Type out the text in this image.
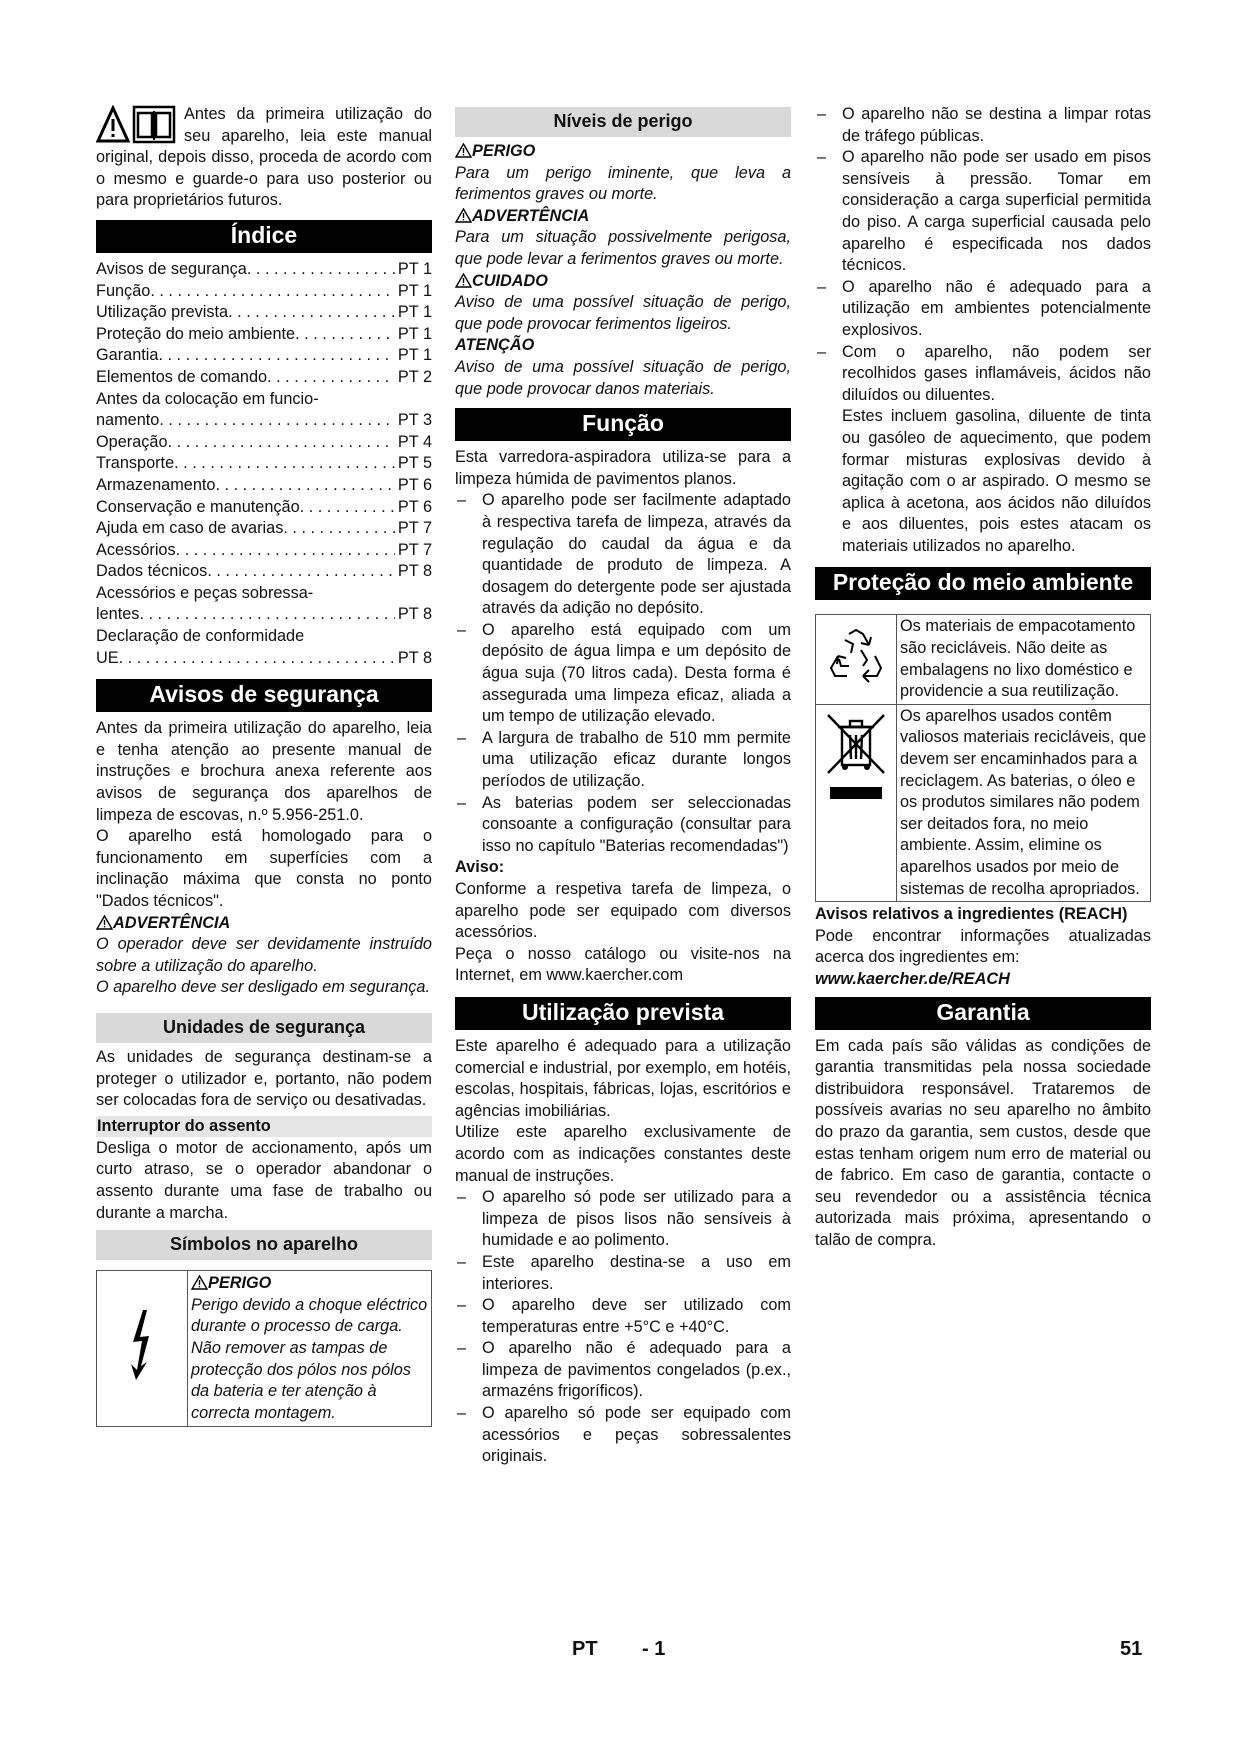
Antes da primeira utilização do seu aparelho, leia este manual original, depois disso, proceda de acordo com o mesmo e guarde-o para uso posterior ou para proprietários futuros.

Índice
Avisos de segurança . . .	PT 1
Função . . .	PT 1
Utilização prevista . . .	PT 1
Proteção do meio ambiente . . .	PT 1
Garantia . . .	PT 1
Elementos de comando . . .	PT 2
Antes da colocação em funcio-
namento . . .	PT 3
Operação . . .	PT 4
Transporte . . .	PT 5
Armazenamento . . .	PT 6
Conservação e manutenção . . .	PT 6
Ajuda em caso de avarias . . .	PT 7
Acessórios . . .	PT 7
Dados técnicos . . .	PT 8
Acessórios e peças sobressa-
lentes . . .	PT 8
Declaração de conformidade
UE . . .	PT 8
Avisos de segurança

Antes da primeira utilização do aparelho, leia e tenha atenção ao presente manual de instruções e brochura anexa referente aos avisos de segurança dos aparelhos de limpeza de escovas, n.º 5.956-251.0.

O aparelho está homologado para o funcionamento em superfícies com a inclinação máxima que consta no ponto "Dados técnicos".

ADVERTÊNCIA

O operador deve ser devidamente instruído sobre a utilização do aparelho.

O aparelho deve ser desligado em segurança.

Unidades de segurança

As unidades de segurança destinam-se a proteger o utilizador e, portanto, não podem ser colocadas fora de serviço ou desativadas.

Interruptor do assento

Desliga o motor de accionamento, após um curto atraso, se o operador abandonar o assento durante uma fase de trabalho ou durante a marcha.

Símbolos no aparelho

PERIGO
Perigo devido a choque eléctrico durante o processo de carga. Não remover as tampas de protecção dos pólos nos pólos da bateria e ter atenção à correcta montagem.
Níveis de perigo

PERIGO

Para um perigo iminente, que leva a ferimentos graves ou morte.

ADVERTÊNCIA

Para um situação possivelmente perigosa, que pode levar a ferimentos graves ou morte.

CUIDADO

Aviso de uma possível situação de perigo, que pode provocar ferimentos ligeiros.

ATENÇÃO

Aviso de uma possível situação de perigo, que pode provocar danos materiais.

Função

Esta varredora-aspiradora utiliza-se para a limpeza húmida de pavimentos planos.

– O aparelho pode ser facilmente adaptado à respectiva tarefa de limpeza, através da regulação do caudal da água e da quantidade de produto de limpeza. A dosagem do detergente pode ser ajustada através da adição no depósito.
– O aparelho está equipado com um depósito de água limpa e um depósito de água suja (70 litros cada). Desta forma é assegurada uma limpeza eficaz, aliada a um tempo de utilização elevado.
– A largura de trabalho de 510 mm permite uma utilização eficaz durante longos períodos de utilização.
– As baterias podem ser seleccionadas consoante a configuração (consultar para isso no capítulo "Baterias recomendadas")

Aviso:

Conforme a respetiva tarefa de limpeza, o aparelho pode ser equipado com diversos acessórios.

Peça o nosso catálogo ou visite-nos na Internet, em www.kaercher.com

Utilização prevista

Este aparelho é adequado para a utilização comercial e industrial, por exemplo, em hotéis, escolas, hospitais, fábricas, lojas, escritórios e agências imobiliárias.

Utilize este aparelho exclusivamente de acordo com as indicações constantes deste manual de instruções.

– O aparelho só pode ser utilizado para a limpeza de pisos lisos não sensíveis à humidade e ao polimento.
– Este aparelho destina-se a uso em interiores.
– O aparelho deve ser utilizado com temperaturas entre +5°C e +40°C.
– O aparelho não é adequado para a limpeza de pavimentos congelados (p.ex., armazéns frigoríficos).
– O aparelho só pode ser equipado com acessórios e peças sobressalentes originais.
– O aparelho não se destina a limpar rotas de tráfego públicas.
– O aparelho não pode ser usado em pisos sensíveis à pressão. Tomar em consideração a carga superficial permitida do piso. A carga superficial causada pelo aparelho é especificada nos dados técnicos.
– O aparelho não é adequado para a utilização em ambientes potencialmente explosivos.
– Com o aparelho, não podem ser recolhidos gases inflamáveis, ácidos não diluídos ou diluentes.

Estes incluem gasolina, diluente de tinta ou gasóleo de aquecimento, que podem formar misturas explosivas devido à agitação com o ar aspirado. O mesmo se aplica à acetona, aos ácidos não diluídos e aos diluentes, pois estes atacam os materiais utilizados no aparelho.

Proteção do meio ambiente
	Os materiais de empacotamento são recicláveis. Não deite as embalagens no lixo doméstico e providencie a sua reutilização.
	Os aparelhos usados contêm valiosos materiais recicláveis, que devem ser encaminhados para a reciclagem. As baterias, o óleo e os produtos similares não podem ser deitados fora, no meio ambiente. Assim, elimine os aparelhos usados por meio de sistemas de recolha apropriados.

Avisos relativos a ingredientes (REACH)

Pode encontrar informações atualizadas acerca dos ingredientes em:

www.kaercher.de/REACH

Garantia

Em cada país são válidas as condições de garantia transmitidas pela nossa sociedade distribuidora responsável. Trataremos de possíveis avarias no seu aparelho no âmbito do prazo da garantia, sem custos, desde que estas tenham origem num erro de material ou de fabrico. Em caso de garantia, contacte o seu revendedor ou a assistência técnica autorizada mais próxima, apresentando o talão de compra.

PT - 1	51
